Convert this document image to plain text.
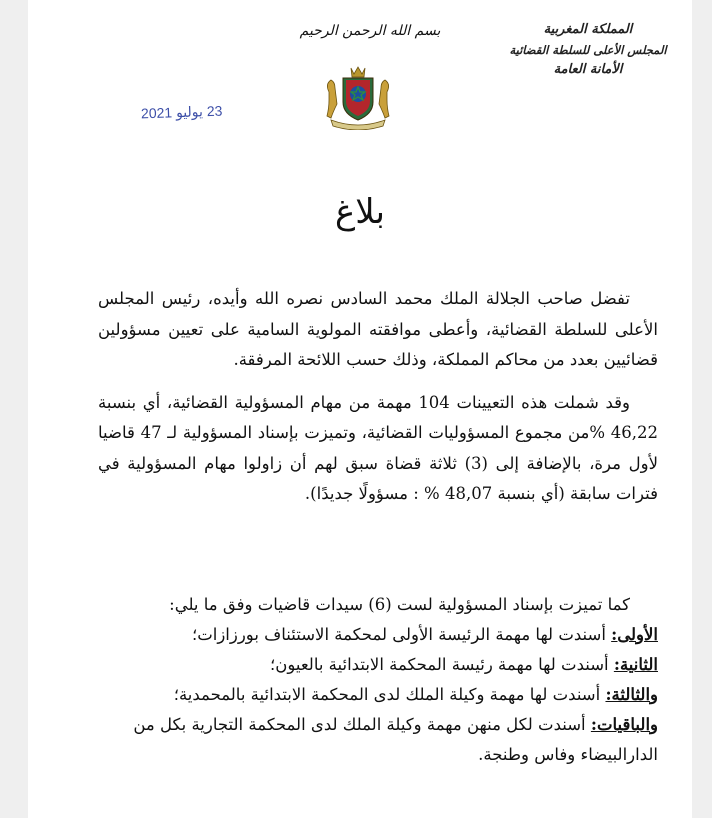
بسم الله الرحمن الرحيم	المملكة المغربية
المجلس الأعلى للسلطة القضائية
الأمانة العامة
23 يوليو 2021
بلاغ

تفضل صاحب الجلالة الملك محمد السادس نصره الله وأيده، رئيس المجلس الأعلى للسلطة القضائية، وأعطى موافقته المولوية السامية على تعيين مسؤولين قضائيين بعدد من محاكم المملكة، وذلك حسب اللائحة المرفقة.

وقد شملت هذه التعيينات 104 مهمة من مهام المسؤولية القضائية، أي بنسبة 46,22 %من مجموع المسؤوليات القضائية، وتميزت بإسناد المسؤولية لـ 47 قاضيا لأول مرة، بالإضافة إلى (3) ثلاثة قضاة سبق لهم أن زاولوا مهام المسؤولية في فترات سابقة (أي بنسبة 48,07 % : مسؤولًا جديدًا).

كما تميزت بإسناد المسؤولية لست (6) سيدات قاضيات وفق ما يلي:

الأولى: أسندت لها مهمة الرئيسة الأولى لمحكمة الاستئناف بورزازات؛

الثانية: أسندت لها مهمة رئيسة المحكمة الابتدائية بالعيون؛

والثالثة: أسندت لها مهمة وكيلة الملك لدى المحكمة الابتدائية بالمحمدية؛

والباقيات: أسندت لكل منهن مهمة وكيلة الملك لدى المحكمة التجارية بكل من الدارالبيضاء وفاس وطنجة.
